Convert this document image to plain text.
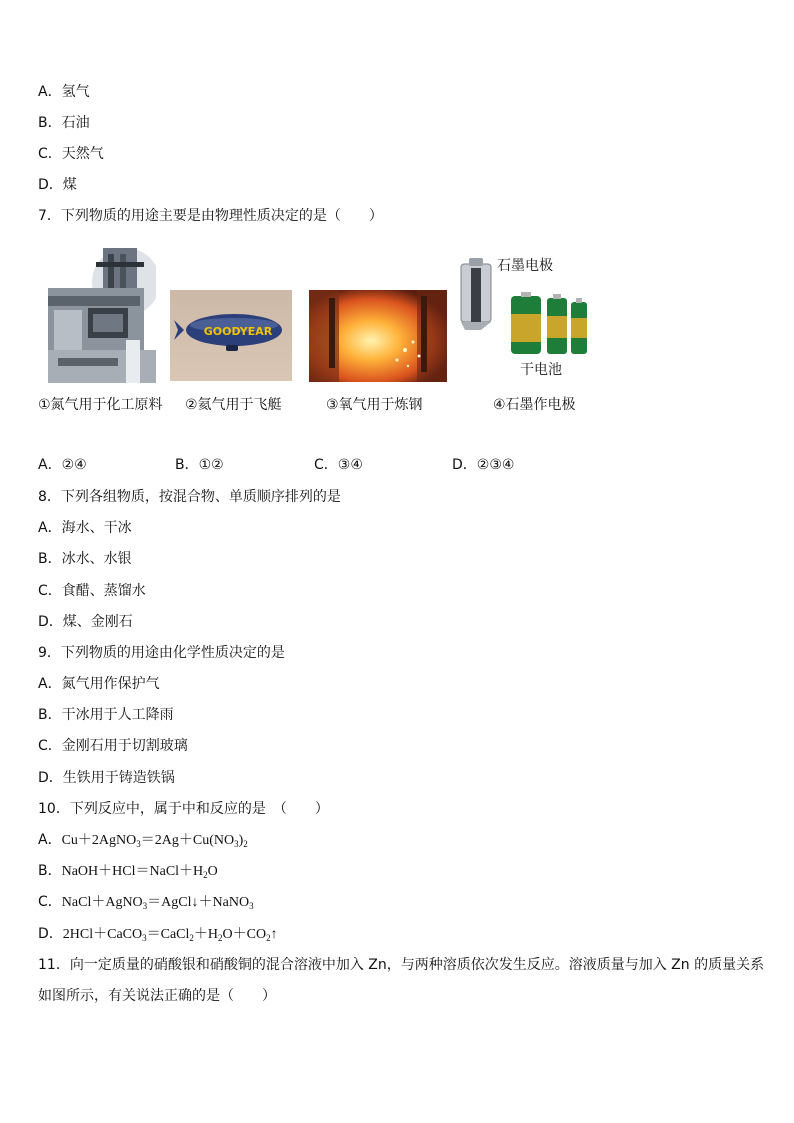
A．氢气
B．石油
C．天然气
D．煤
7．下列物质的用途主要是由物理性质决定的是（　　）
GOODYEAR
石墨电极
干电池
①氮气用于化工原料 ②氦气用于飞艇	③氧气用于炼钢	④石墨作电极
A．②④	B．①②	C．③④	D．②③④
8．下列各组物质，按混合物、单质顺序排列的是
A．海水、干冰
B．冰水、水银
C．食醋、蒸馏水
D．煤、金刚石
9．下列物质的用途由化学性质决定的是
A．氮气用作保护气
B．干冰用于人工降雨
C．金刚石用于切割玻璃
D．生铁用于铸造铁锅
10．下列反应中，属于中和反应的是　（　　）
A．$Cu+2AgNO_3=2Ag+Cu(NO_3)_2$
B．$NaOH+HCl=NaCl+H_2O$
C．NaCl＋AgNO$_3$＝AgCl↓＋NaNO$_3$
D．$2HCl+CaCO_3=CaCl_2+H_2O+CO_2↑$
11．向一定质量的硝酸银和硝酸铜的混合溶液中加入 Zn，与两种溶质依次发生反应。溶液质量与加入 Zn 的质量关系如图所示，有关说法正确的是（　　）
